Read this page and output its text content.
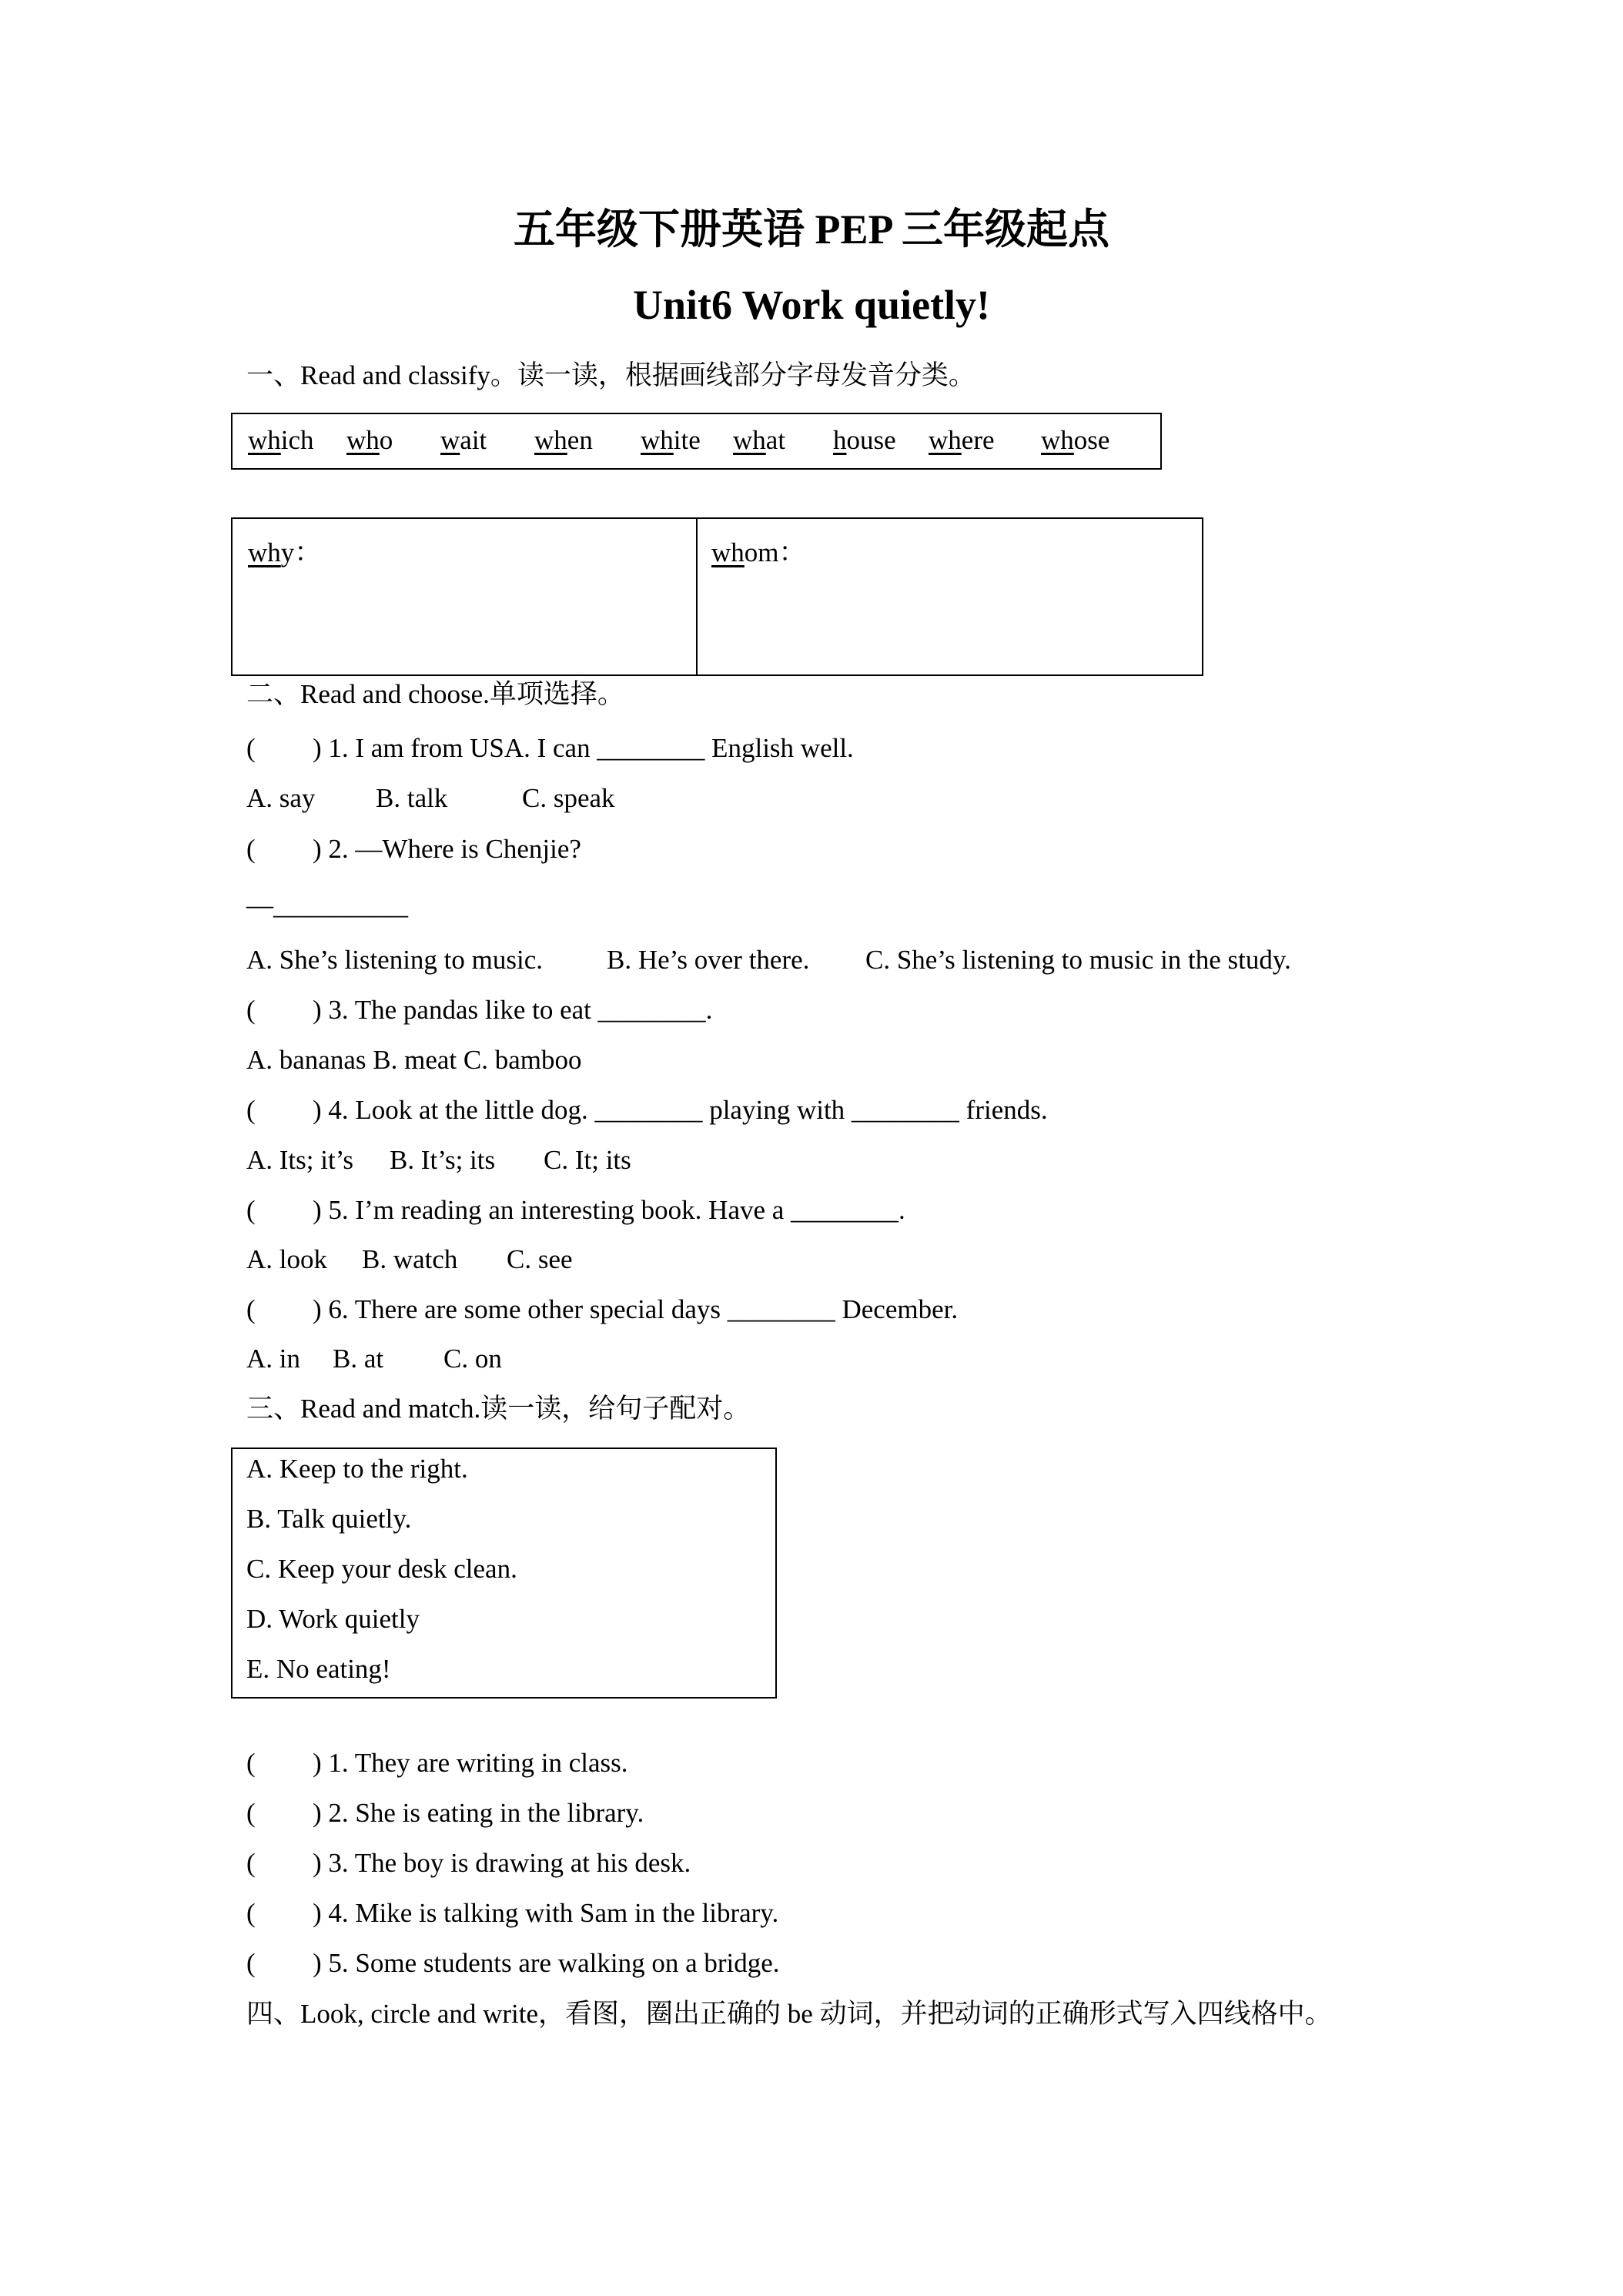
五年级下册英语 PEP 三年级起点
Unit6 Work quietly!
一、Read and classify。读一读，根据画线部分字母发音分类。
which who wait when white what house where whose
why：	whom：
二、Read and choose.单项选择。
( ) 1. I am from USA. I can ________ English well.
A. say B. talk	C. speak
( ) 2. —Where is Chenjie?
—__________
A. She’s listening to music. B. He’s over there. C. She’s listening to music in the study.
( ) 3. The pandas like to eat ________.
A. bananas B. meat C. bamboo
( ) 4. Look at the little dog. ________ playing with ________ friends.
A. Its; it’s B. It’s; its C. It; its
( ) 5. I’m reading an interesting book. Have a ________.
A. look B. watch C. see
( ) 6. There are some other special days ________ December.
A. in B. at C. on
三、Read and match.读一读，给句子配对。
A. Keep to the right.
B. Talk quietly.
C. Keep your desk clean.
D. Work quietly
E. No eating!
( ) 1. They are writing in class.
( ) 2. She is eating in the library.
( ) 3. The boy is drawing at his desk.
( ) 4. Mike is talking with Sam in the library.
( ) 5. Some students are walking on a bridge.
四、Look, circle and write，看图，圈出正确的 be 动词，并把动词的正确形式写入四线格中。
